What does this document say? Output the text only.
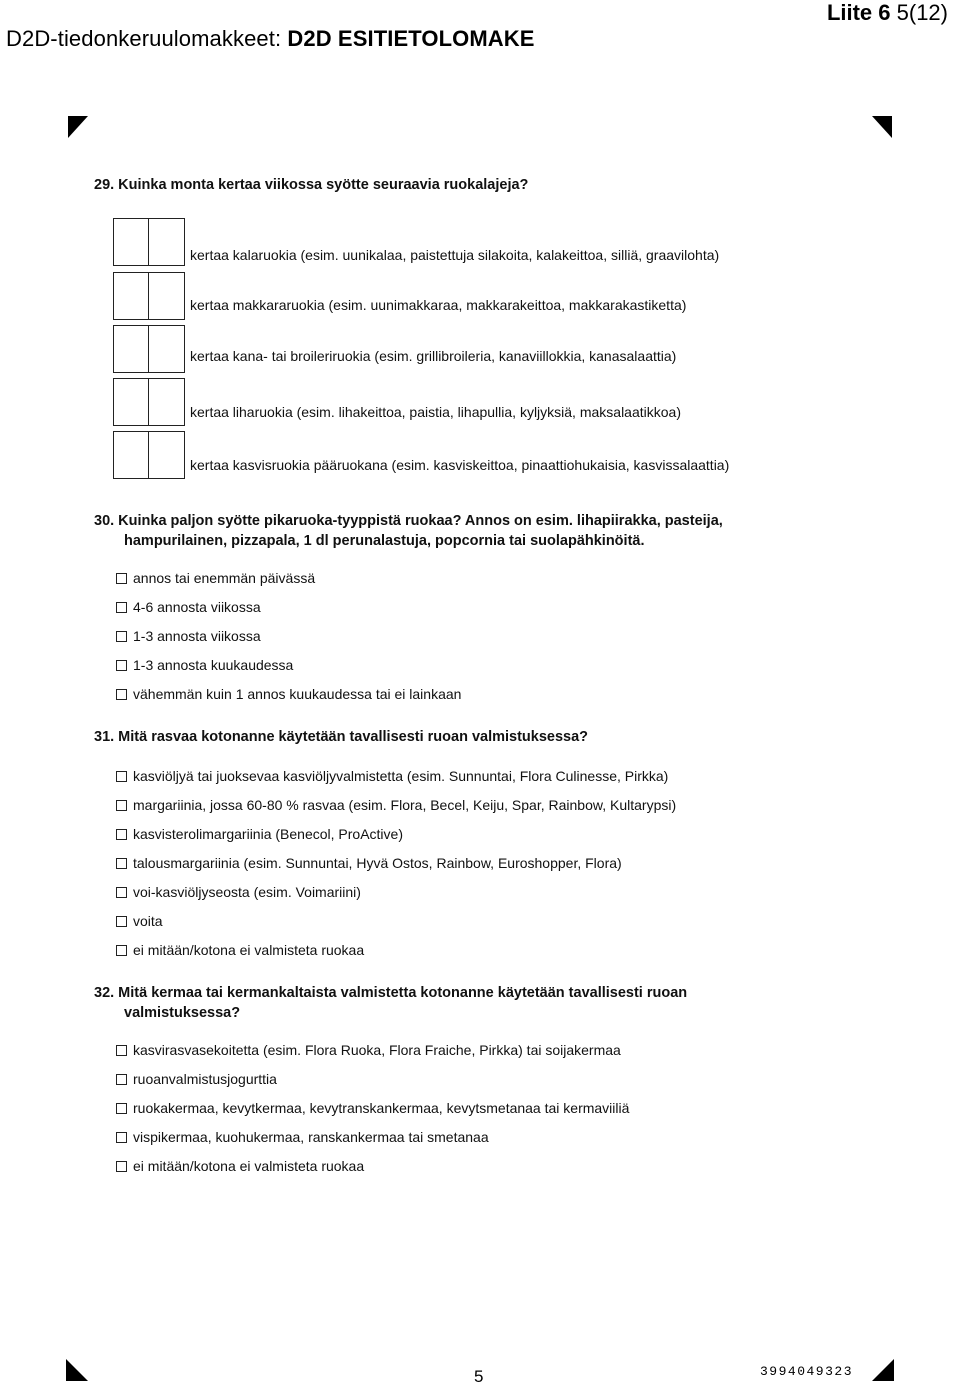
D2D-tiedonkeruulomakkeet: D2D ESITIETOLOMAKE
Liite 6 5(12)
29. Kuinka monta kertaa viikossa syötte seuraavia ruokalajeja?
kertaa kalaruokia (esim. uunikalaa, paistettuja silakoita, kalakeittoa, silliä, graavilohta)
kertaa makkararuokia (esim. uunimakkaraa, makkarakeittoa, makkarakastiketta)
kertaa kana- tai broileriruokia (esim. grillibroileria, kanaviillokkia, kanasalaattia)
kertaa liharuokia (esim. lihakeittoa, paistia, lihapullia, kyljyksiä, maksalaatikkoa)
kertaa kasvisruokia pääruokana (esim. kasviskeittoa, pinaattiohukaisia, kasvissalaattia)
30. Kuinka paljon syötte pikaruoka-tyyppistä ruokaa? Annos on esim. lihapiirakka, pasteija,
hampurilainen, pizzapala, 1 dl perunalastuja, popcornia tai suolapähkinöitä.
annos tai enemmän päivässä
4-6 annosta viikossa
1-3 annosta viikossa
1-3 annosta kuukaudessa
vähemmän kuin 1 annos kuukaudessa tai ei lainkaan
31. Mitä rasvaa kotonanne käytetään tavallisesti ruoan valmistuksessa?
kasviöljyä tai juoksevaa kasviöljyvalmistetta (esim. Sunnuntai, Flora Culinesse, Pirkka)
margariinia, jossa 60-80 % rasvaa (esim. Flora, Becel, Keiju, Spar, Rainbow, Kultarypsi)
kasvisterolimargariinia (Benecol, ProActive)
talousmargariinia (esim. Sunnuntai, Hyvä Ostos, Rainbow, Euroshopper, Flora)
voi-kasviöljyseosta (esim. Voimariini)
voita
ei mitään/kotona ei valmisteta ruokaa
32. Mitä kermaa tai kermankaltaista valmistetta kotonanne käytetään tavallisesti ruoan
valmistuksessa?
kasvirasvasekoitetta (esim. Flora Ruoka, Flora Fraiche, Pirkka) tai soijakermaa
ruoanvalmistusjogurttia
ruokakermaa, kevytkermaa, kevytranskankermaa, kevytsmetanaa tai kermaviiliä
vispikermaa, kuohukermaa, ranskankermaa tai smetanaa
ei mitään/kotona ei valmisteta ruokaa
5	3994049323
